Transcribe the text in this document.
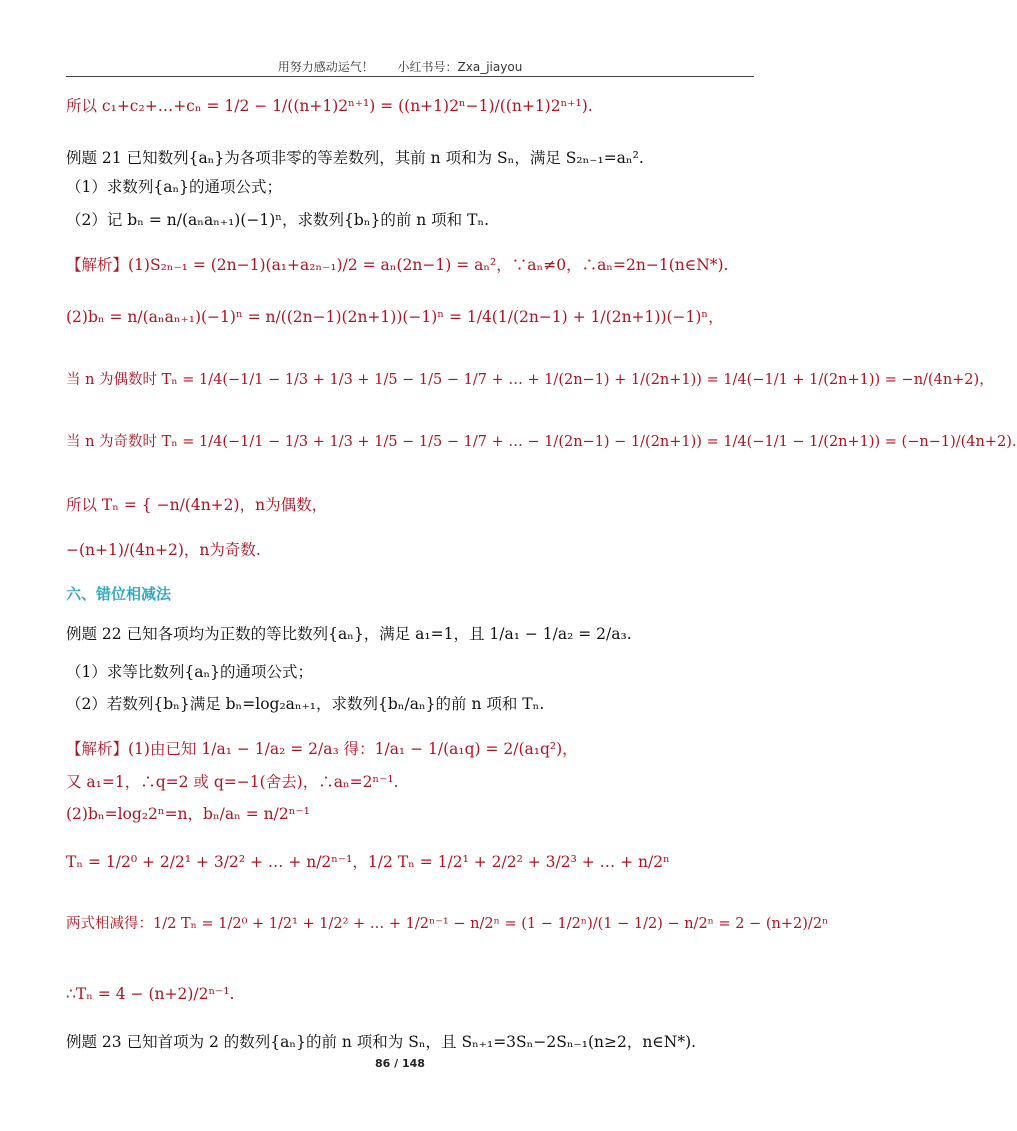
用努力感动运气！ 小红书号：Zxa_jiayou
所以 c₁+c₂+…+cₙ = 1/2 − 1/((n+1)2ⁿ⁺¹) = ((n+1)2ⁿ−1)/((n+1)2ⁿ⁺¹).
例题 21 已知数列{aₙ}为各项非零的等差数列，其前 n 项和为 Sₙ，满足 S₂ₙ₋₁=aₙ².
（1）求数列{aₙ}的通项公式；
（2）记 bₙ = n/(aₙaₙ₊₁)(−1)ⁿ，求数列{bₙ}的前 n 项和 Tₙ.
【解析】(1)S₂ₙ₋₁ = (2n−1)(a₁+a₂ₙ₋₁)/2 = aₙ(2n−1) = aₙ²，∵aₙ≠0，∴aₙ=2n−1(n∈N*).
(2)bₙ = n/(aₙaₙ₊₁)(−1)ⁿ = n/((2n−1)(2n+1))(−1)ⁿ = 1/4(1/(2n−1) + 1/(2n+1))(−1)ⁿ，
当 n 为偶数时 Tₙ = 1/4(−1/1 − 1/3 + 1/3 + 1/5 − 1/5 − 1/7 + … + 1/(2n−1) + 1/(2n+1)) = 1/4(−1/1 + 1/(2n+1)) = −n/(4n+2)，
当 n 为奇数时 Tₙ = 1/4(−1/1 − 1/3 + 1/3 + 1/5 − 1/5 − 1/7 + … − 1/(2n−1) − 1/(2n+1)) = 1/4(−1/1 − 1/(2n+1)) = (−n−1)/(4n+2).
所以 Tₙ = { −n/(4n+2)，n为偶数，
−(n+1)/(4n+2)，n为奇数.
六、错位相减法
例题 22 已知各项均为正数的等比数列{aₙ}，满足 a₁=1，且 1/a₁ − 1/a₂ = 2/a₃.
（1）求等比数列{aₙ}的通项公式；
（2）若数列{bₙ}满足 bₙ=log₂aₙ₊₁，求数列{bₙ/aₙ}的前 n 项和 Tₙ.
【解析】(1)由已知 1/a₁ − 1/a₂ = 2/a₃ 得：1/a₁ − 1/(a₁q) = 2/(a₁q²)，
又 a₁=1，∴q=2 或 q=−1(舍去)，∴aₙ=2ⁿ⁻¹.
(2)bₙ=log₂2ⁿ=n，bₙ/aₙ = n/2ⁿ⁻¹
Tₙ = 1/2⁰ + 2/2¹ + 3/2² + … + n/2ⁿ⁻¹，1/2 Tₙ = 1/2¹ + 2/2² + 3/2³ + … + n/2ⁿ
两式相减得：1/2 Tₙ = 1/2⁰ + 1/2¹ + 1/2² + … + 1/2ⁿ⁻¹ − n/2ⁿ = (1 − 1/2ⁿ)/(1 − 1/2) − n/2ⁿ = 2 − (n+2)/2ⁿ
∴Tₙ = 4 − (n+2)/2ⁿ⁻¹.
例题 23 已知首项为 2 的数列{aₙ}的前 n 项和为 Sₙ，且 Sₙ₊₁=3Sₙ−2Sₙ₋₁(n≥2，n∈N*).
86 / 148
